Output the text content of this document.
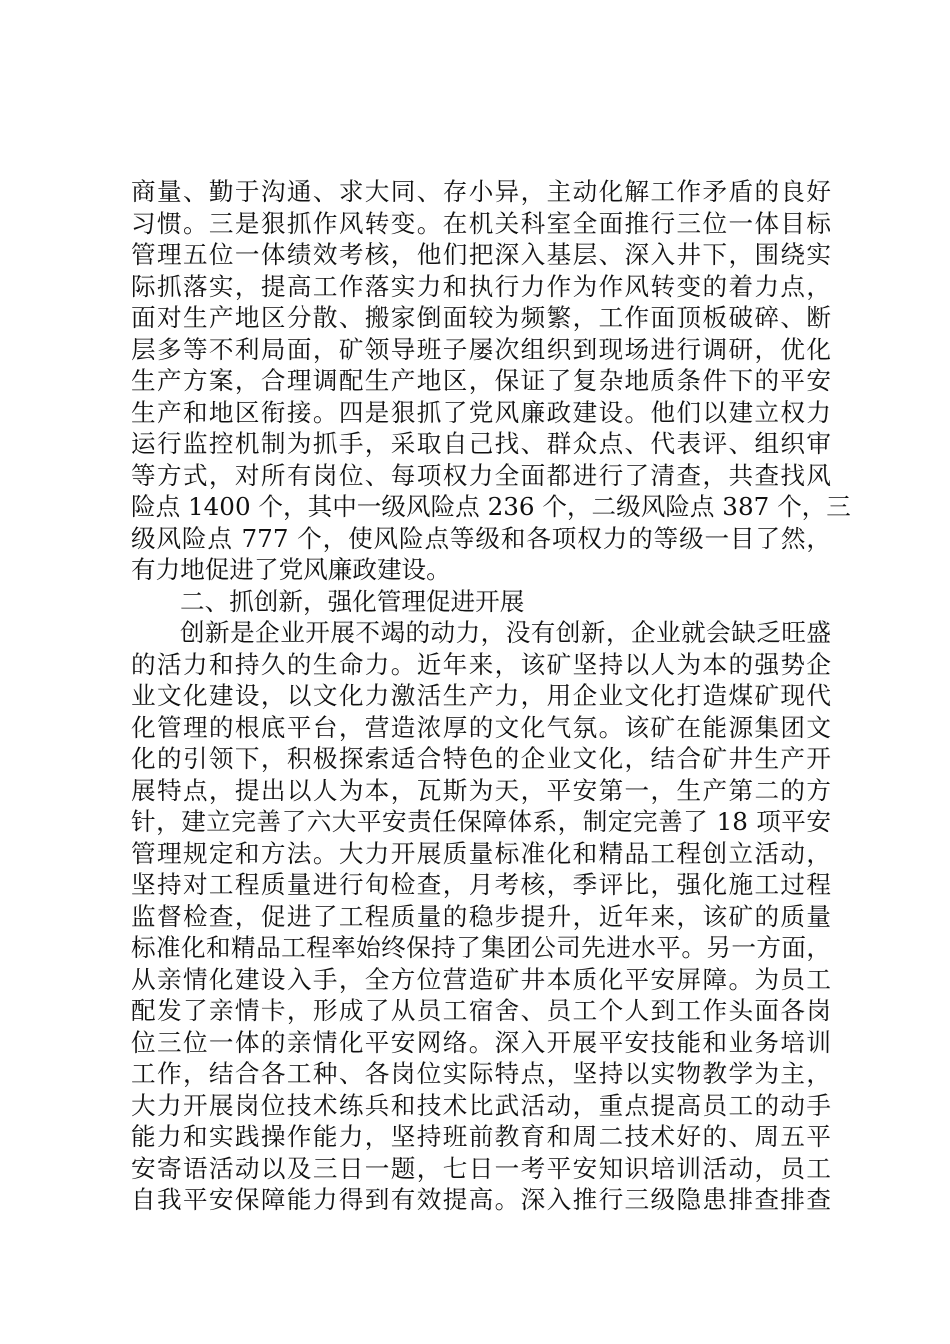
商量、勤于沟通、求大同、存小异，主动化解工作矛盾的良好
习惯。三是狠抓作风转变。在机关科室全面推行三位一体目标
管理五位一体绩效考核，他们把深入基层、深入井下，围绕实
际抓落实，提高工作落实力和执行力作为作风转变的着力点，
面对生产地区分散、搬家倒面较为频繁，工作面顶板破碎、断
层多等不利局面，矿领导班子屡次组织到现场进行调研，优化
生产方案，合理调配生产地区，保证了复杂地质条件下的平安
生产和地区衔接。四是狠抓了党风廉政建设。他们以建立权力
运行监控机制为抓手，采取自己找、群众点、代表评、组织审
等方式，对所有岗位、每项权力全面都进行了清查，共查找风
险点 1400 个，其中一级风险点 236 个，二级风险点 387 个，三
级风险点 777 个，使风险点等级和各项权力的等级一目了然，
有力地促进了党风廉政建设。
二、抓创新，强化管理促进开展
创新是企业开展不竭的动力，没有创新，企业就会缺乏旺盛
的活力和持久的生命力。近年来，该矿坚持以人为本的强势企
业文化建设，以文化力激活生产力，用企业文化打造煤矿现代
化管理的根底平台，营造浓厚的文化气氛。该矿在能源集团文
化的引领下，积极探索适合特色的企业文化，结合矿井生产开
展特点，提出以人为本，瓦斯为天，平安第一，生产第二的方
针，建立完善了六大平安责任保障体系，制定完善了 18 项平安
管理规定和方法。大力开展质量标准化和精品工程创立活动，
坚持对工程质量进行旬检查，月考核，季评比，强化施工过程
监督检查，促进了工程质量的稳步提升，近年来，该矿的质量
标准化和精品工程率始终保持了集团公司先进水平。另一方面，
从亲情化建设入手，全方位营造矿井本质化平安屏障。为员工
配发了亲情卡，形成了从员工宿舍、员工个人到工作头面各岗
位三位一体的亲情化平安网络。深入开展平安技能和业务培训
工作，结合各工种、各岗位实际特点，坚持以实物教学为主，
大力开展岗位技术练兵和技术比武活动，重点提高员工的动手
能力和实践操作能力，坚持班前教育和周二技术好的、周五平
安寄语活动以及三日一题，七日一考平安知识培训活动，员工
自我平安保障能力得到有效提高。深入推行三级隐患排查排查
